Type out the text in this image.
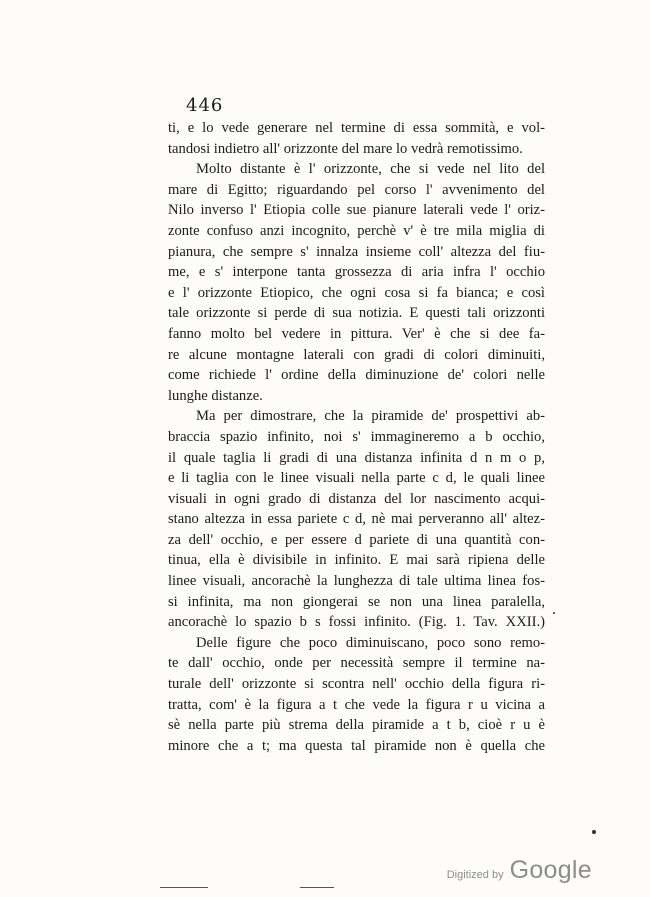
446
ti, e lo vede generare nel termine di essa sommità, e vol-
tandosi indietro all' orizzonte del mare lo vedrà remotissimo.
Molto distante è l' orizzonte, che si vede nel lito del
mare di Egitto; riguardando pel corso l' avvenimento del
Nilo inverso l' Etiopia colle sue pianure laterali vede l' oriz-
zonte confuso anzi incognito, perchè v' è tre mila miglia di
pianura, che sempre s' innalza insieme coll' altezza del fiu-
me, e s' interpone tanta grossezza di aria infra l' occhio
e l' orizzonte Etiopico, che ogni cosa si fa bianca; e così
tale orizzonte si perde di sua notizia. E questi tali orizzonti
fanno molto bel vedere in pittura. Ver' è che si dee fa-
re alcune montagne laterali con gradi di colori diminuiti,
come richiede l' ordine della diminuzione de' colori nelle
lunghe distanze.
Ma per dimostrare, che la piramide de' prospettivi ab-
braccia spazio infinito, noi s' immagineremo a b occhio,
il quale taglia li gradi di una distanza infinita d n m o p,
e li taglia con le linee visuali nella parte c d, le quali linee
visuali in ogni grado di distanza del lor nascimento acqui-
stano altezza in essa pariete c d, nè mai perveranno all' altez-
za dell' occhio, e per essere d pariete di una quantità con-
tinua, ella è divisibile in infinito. E mai sarà ripiena delle
linee visuali, ancorachè la lunghezza di tale ultima linea fos-
si infinita, ma non giongerai se non una linea paralella,
ancorachè lo spazio b s fossi infinito. (Fig. 1. Tav. XXII.)
Delle figure che poco diminuiscano, poco sono remo-
te dall' occhio, onde per necessità sempre il termine na-
turale dell' orizzonte si scontra nell' occhio della figura ri-
tratta, com' è la figura a t che vede la figura r u vicina a
sè nella parte più strema della piramide a t b, cioè r u è
minore che a t; ma questa tal piramide non è quella che
Digitized by Google
